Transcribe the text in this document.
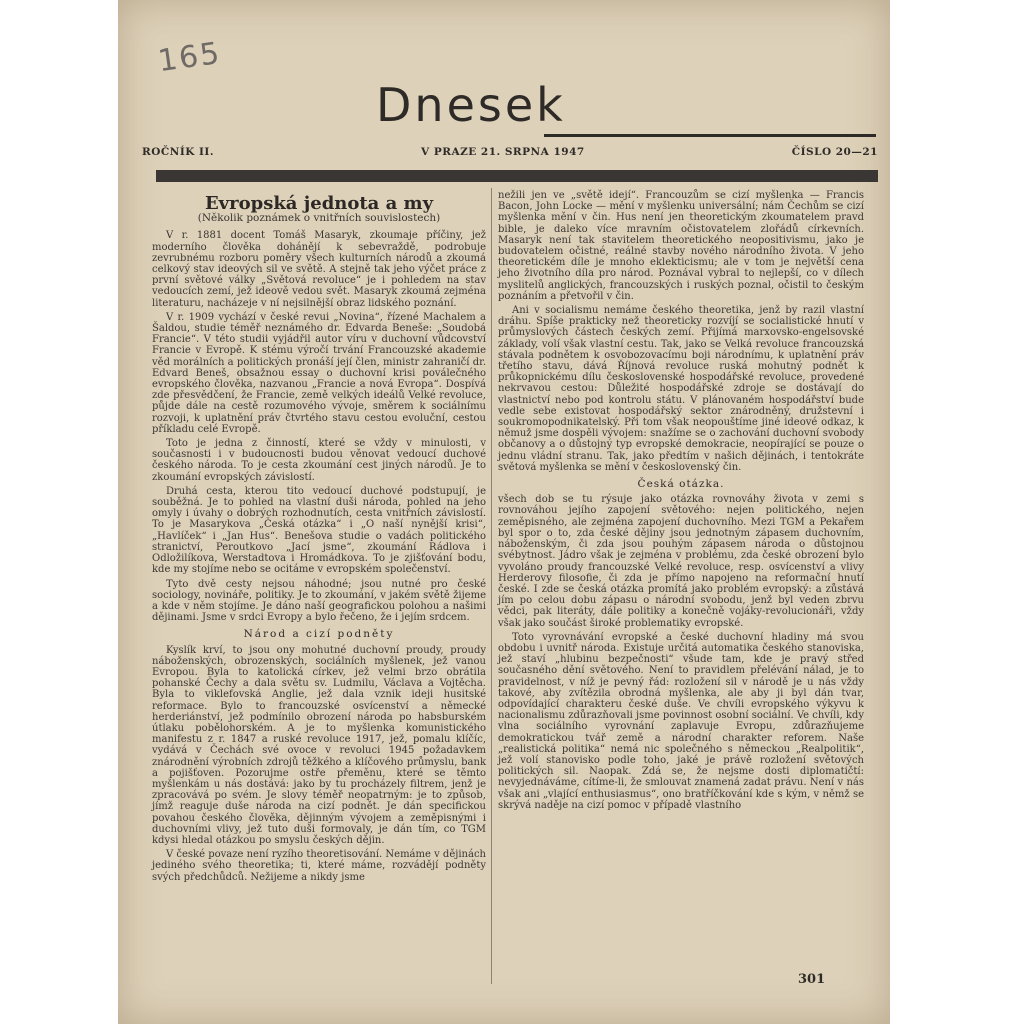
165
Dnesek
ROČNÍK II.	V PRAZE 21. SRPNA 1947	ČÍSLO 20—21
Evropská jednota a my
(Několik poznámek o vnitřních souvislostech)

V r. 1881 docent Tomáš Masaryk, zkoumaje příčiny, jež moderního člověka dohánějí k sebevraždě, podrobuje zevrubnému rozboru poměry všech kulturních národů a zkoumá celkový stav ideových sil ve světě. A stejně tak jeho výčet práce z první světové války „Světová revoluce“ je i pohledem na stav vedoucích zemí, jež ideově vedou svět. Masaryk zkoumá zejména literaturu, nacházeje v ní nejsilnější obraz lidského poznání.

V r. 1909 vychází v české revui „Novina“, řízené Machalem a Šaldou, studie téměř neznámého dr. Edvarda Beneše: „Soudobá Francie“. V této studii vyjádřil autor víru v duchovní vůdcovství Francie v Evropě. K stému výročí trvání Francouzské akademie věd morálních a politických pronáší její člen, ministr zahraničí dr. Edvard Beneš, obsažnou essay o duchovní krisi poválečného evropského člověka, nazvanou „Francie a nová Evropa“. Dospívá zde přesvědčení, že Francie, země velkých ideálů Velké revoluce, půjde dále na cestě rozumového vývoje, směrem k sociálnímu rozvoji, k uplatnění práv čtvrtého stavu cestou evoluční, cestou příkladu celé Evropě.

Toto je jedna z činností, které se vždy v minulosti, v současnosti i v budoucnosti budou věnovat vedoucí duchové českého národa. To je cesta zkoumání cest jiných národů. Je to zkoumání evropských závislostí.

Druhá cesta, kterou tito vedoucí duchové podstupují, je souběžná. Je to pohled na vlastní duši národa, pohled na jeho omyly i úvahy o dobrých rozhodnutích, cesta vnitřních závislostí. To je Masarykova „Česká otázka“ i „O naší nynější krisi“, „Havlíček“ i „Jan Hus“. Benešova studie o vadách politického stranictví, Peroutkovo „Jací jsme“, zkoumání Rádlova i Odložilíkova, Werstadtova i Hromádkova. To je zjišťování bodu, kde my stojíme nebo se ocitáme v evropském společenství.

Tyto dvě cesty nejsou náhodné; jsou nutné pro české sociology, novináře, politiky. Je to zkoumání, v jakém světě žijeme a kde v něm stojíme. Je dáno naší geografickou polohou a našimi dějinami. Jsme v srdci Evropy a bylo řečeno, že i jejím srdcem.

Národ a cizí podněty

Kyslík krví, to jsou ony mohutné duchovní proudy, proudy náboženských, obrozenských, sociálních myšlenek, jež vanou Evropou. Byla to katolická církev, jež velmi brzo obrátila pohanské Čechy a dala světu sv. Ludmilu, Václava a Vojtěcha. Byla to viklefovská Anglie, jež dala vznik ideji husitské reformace. Bylo to francouzské osvícenství a německé herderiánství, jež podmínilo obrození národa po habsburském útlaku pobělohorském. A je to myšlenka komunistického manifestu z r. 1847 a ruské revoluce 1917, jež, pomalu klíčíc, vydává v Čechách své ovoce v revoluci 1945 požadavkem znárodnění výrobních zdrojů těžkého a klíčového průmyslu, bank a pojišťoven. Pozorujme ostře přeměnu, které se těmto myšlenkám u nás dostává: jako by tu procházely filtrem, jenž je zpracovává po svém. Je slovy téměř neopatrným: je to způsob, jímž reaguje duše národa na cizí podnět. Je dán specifickou povahou českého člověka, dějinným vývojem a zeměpisnými i duchovními vlivy, jež tuto duši formovaly, je dán tím, co TGM kdysi hledal otázkou po smyslu českých dějin.

V české povaze není ryzího theoretisování. Nemáme v dějinách jediného svého theoretika; ti, které máme, rozvádějí podněty svých předchůdců. Nežijeme a nikdy jsme

nežili jen ve „světě idejí“. Francouzům se cizí myšlenka — Francis Bacon, John Locke — mění v myšlenku universální; nám Čechům se cizí myšlenka mění v čin. Hus není jen theoretickým zkoumatelem pravd bible, je daleko více mravním očistovatelem zlořádů církevních. Masaryk není tak stavitelem theoretického neopositivismu, jako je budovatelem očistné, reálné stavby nového národního života. V jeho theoretickém díle je mnoho eklekticismu; ale v tom je největší cena jeho životního díla pro národ. Poznával vybral to nejlepší, co v dílech myslitelů anglických, francouzských i ruských poznal, očistil to českým poznáním a přetvořil v čin.

Ani v socialismu nemáme českého theoretika, jenž by razil vlastní dráhu. Spíše prakticky než theoreticky rozvíjí se socialistické hnutí v průmyslových částech českých zemí. Přijímá marxovsko-engelsovské základy, volí však vlastní cestu. Tak, jako se Velká revoluce francouzská stávala podnětem k osvobozovacímu boji národnímu, k uplatnění práv třetího stavu, dává Říjnová revoluce ruská mohutný podnět k průkopnickému dílu československé hospodářské revoluce, provedené nekrvavou cestou: Důležité hospodářské zdroje se dostávají do vlastnictví nebo pod kontrolu státu. V plánovaném hospodářství bude vedle sebe existovat hospodářský sektor znárodněný, družstevní i soukromopodnikatelský. Při tom však neopouštíme jiné ideové odkaz, k němuž jsme dospěli vývojem: snažíme se o zachování duchovní svobody občanovy a o důstojný typ evropské demokracie, neopírající se pouze o jednu vládní stranu. Tak, jako předtím v našich dějinách, i tentokráte světová myšlenka se mění v československý čin.

Česká otázka.

všech dob se tu rýsuje jako otázka rovnováhy života v zemi s rovnováhou jejího zapojení světového: nejen politického, nejen zeměpisného, ale zejména zapojení duchovního. Mezi TGM a Pekařem byl spor o to, zda české dějiny jsou jednotným zápasem duchovním, náboženským, či zda jsou pouhým zápasem národa o důstojnou svébytnost. Jádro však je zejména v problému, zda české obrození bylo vyvoláno proudy francouzské Velké revoluce, resp. osvícenství a vlivy Herderovy filosofie, či zda je přímo napojeno na reformační hnutí české. I zde se česká otázka promítá jako problém evropský: a zůstává jím po celou dobu zápasu o národní svobodu, jenž byl veden zbrvu vědci, pak literáty, dále politiky a konečně vojáky-revolucionáři, vždy však jako součást široké problematiky evropské.

Toto vyrovnávání evropské a české duchovní hladiny má svou obdobu i uvnitř národa. Existuje určitá automatika českého stanoviska, jež staví „hlubinu bezpečnosti“ všude tam, kde je pravý střed současného dění světového. Není to pravidlem přelévání nálad, je to pravidelnost, v níž je pevný řád: rozložení sil v národě je u nás vždy takové, aby zvítězila obrodná myšlenka, ale aby ji byl dán tvar, odpovídající charakteru české duše. Ve chvíli evropského výkyvu k nacionalismu zdůrazňovali jsme povinnost osobní sociální. Ve chvíli, kdy vlna sociálního vyrovnání zaplavuje Evropu, zdůrazňujeme demokratickou tvář země a národní charakter reforem. Naše „realistická politika“ nemá nic společného s německou „Realpolitik“, jež volí stanovisko podle toho, jaké je právě rozložení světových politických sil. Naopak. Zdá se, že nejsme dosti diplomatičtí: nevyjednáváme, cítíme-li, že smlouvat znamená zadat právu. Není v nás však ani „vlající enthusiasmus“, ono bratříčkování kde s kým, v němž se skrývá naděje na cizí pomoc v případě vlastního

301
